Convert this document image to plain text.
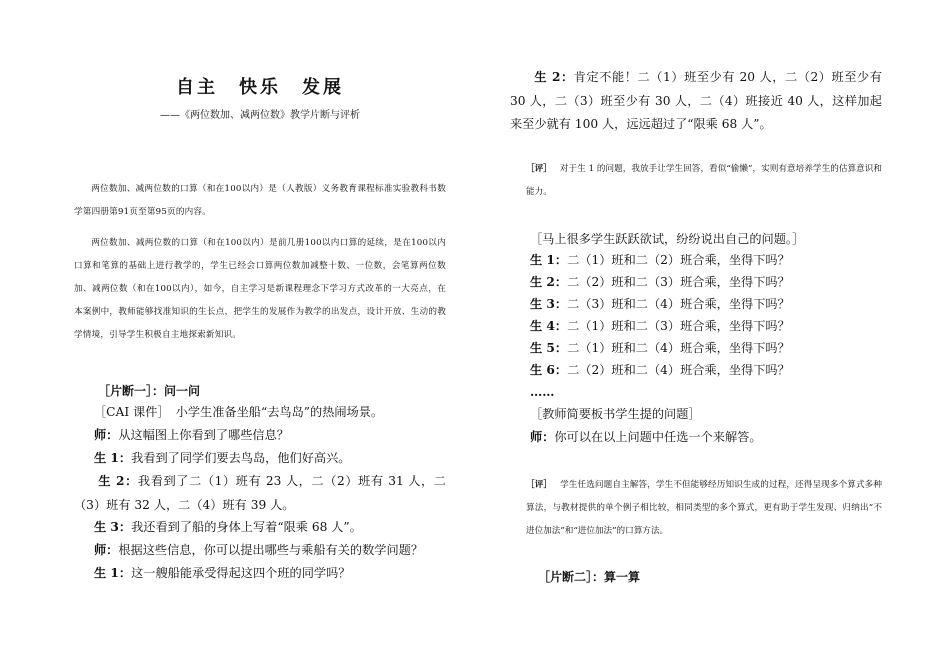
自主　快乐　发展

——《两位数加、减两位数》教学片断与评析

两位数加、减两位数的口算（和在100以内）是（人教版）义务教育课程标准实验教科书数学第四册第91页至第95页的内容。

两位数加、减两位数的口算（和在100以内）是前几册100以内口算的延续，是在100以内口算和笔算的基础上进行教学的，学生已经会口算两位数加减整十数、一位数，会笔算两位数加、减两位数（和在100以内），如今，自主学习是新课程理念下学习方式改革的一大亮点，在本案例中，教师能够找准知识的生长点，把学生的发展作为教学的出发点，设计开放、生动的教学情境，引导学生积极自主地探索新知识。

［片断一］：问一问

［CAI 课件］　小学生准备坐船“去鸟岛”的热闹场景。

师：从这幅图上你看到了哪些信息？

生 1：我看到了同学们要去鸟岛，他们好高兴。

生 2：我看到了二（1）班有 23 人，二（2）班有 31 人，二（3）班有 32 人，二（4）班有 39 人。

生 3：我还看到了船的身体上写着“限乘 68 人”。

师：根据这些信息，你可以提出哪些与乘船有关的数学问题？

生 1：这一艘船能承受得起这四个班的同学吗？

生 2：肯定不能！二（1）班至少有 20 人，二（2）班至少有 30 人，二（3）班至少有 30 人，二（4）班接近 40 人，这样加起来至少就有 100 人，远远超过了“限乘 68 人”。

［评］ 对于生 1 的问题，我放手让学生回答，看似“偷懒”，实则有意培养学生的估算意识和能力。

［马上很多学生跃跃欲试，纷纷说出自己的问题。］

生 1：二（1）班和二（2）班合乘，坐得下吗？

生 2：二（2）班和二（3）班合乘，坐得下吗？

生 3：二（3）班和二（4）班合乘，坐得下吗？

生 4：二（1）班和二（3）班合乘，坐得下吗？

生 5：二（1）班和二（4）班合乘，坐得下吗？

生 6：二（2）班和二（4）班合乘，坐得下吗？

……

［教师简要板书学生提的问题］

师：你可以在以上问题中任选一个来解答。

［评］ 学生任选问题自主解答，学生不但能够经历知识生成的过程，还得呈现多个算式多种算法，与教材提供的单个例子相比较，相同类型的多个算式，更有助于学生发现、归纳出“不进位加法”和“进位加法”的口算方法。

［片断二］：算一算
